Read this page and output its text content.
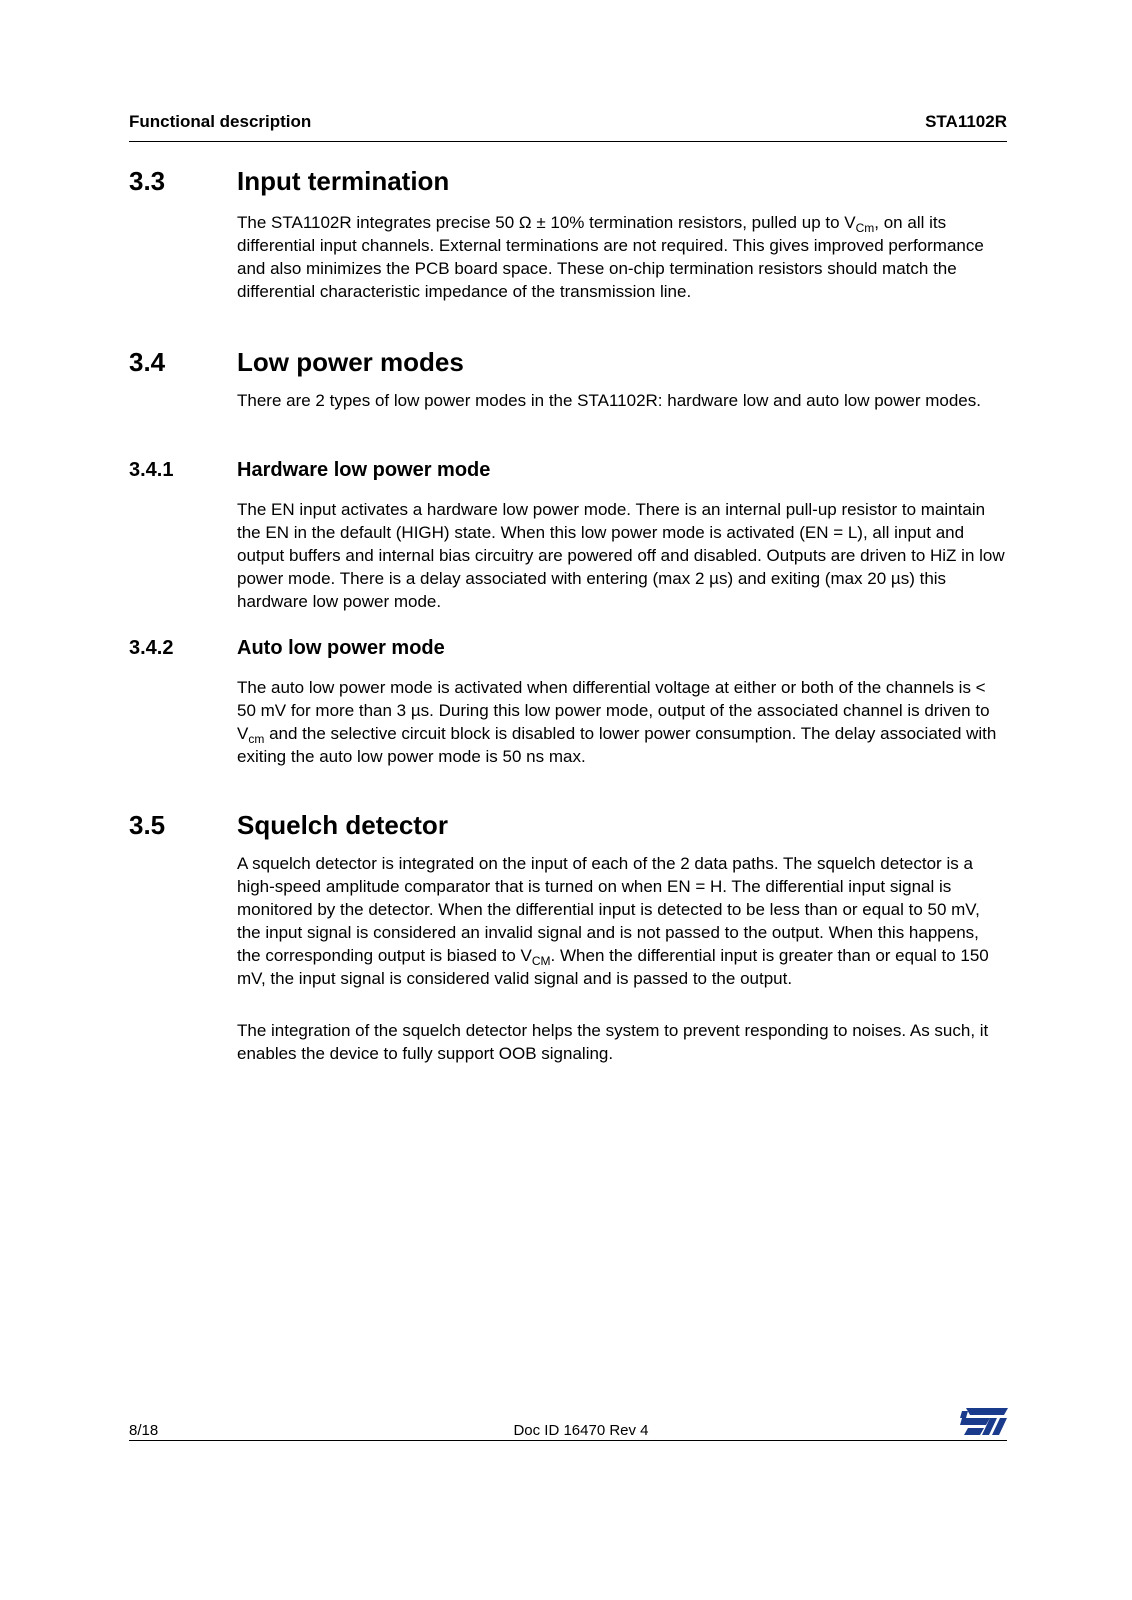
Functional description	STA1102R
3.3	Input termination
The STA1102R integrates precise 50 Ω ± 10% termination resistors, pulled up to $V_{Cm}$, on all its differential input channels. External terminations are not required. This gives improved performance and also minimizes the PCB board space. These on-chip termination resistors should match the differential characteristic impedance of the transmission line.
3.4	Low power modes
There are 2 types of low power modes in the STA1102R: hardware low and auto low power modes.
3.4.1	Hardware low power mode
The EN input activates a hardware low power mode. There is an internal pull-up resistor to maintain the EN in the default (HIGH) state. When this low power mode is activated (EN = L), all input and output buffers and internal bias circuitry are powered off and disabled. Outputs are driven to HiZ in low power mode. There is a delay associated with entering (max 2 µs) and exiting (max 20 µs) this hardware low power mode.
3.4.2	Auto low power mode
The auto low power mode is activated when differential voltage at either or both of the channels is < 50 mV for more than 3 µs. During this low power mode, output of the associated channel is driven to $V_{cm}$ and the selective circuit block is disabled to lower power consumption. The delay associated with exiting the auto low power mode is 50 ns max.
3.5	Squelch detector
A squelch detector is integrated on the input of each of the 2 data paths. The squelch detector is a high-speed amplitude comparator that is turned on when EN = H. The differential input signal is monitored by the detector. When the differential input is detected to be less than or equal to 50 mV, the input signal is considered an invalid signal and is not passed to the output. When this happens, the corresponding output is biased to $V_{CM}$. When the differential input is greater than or equal to 150 mV, the input signal is considered valid signal and is passed to the output.
The integration of the squelch detector helps the system to prevent responding to noises. As such, it enables the device to fully support OOB signaling.
8/18	Doc ID 16470 Rev 4
